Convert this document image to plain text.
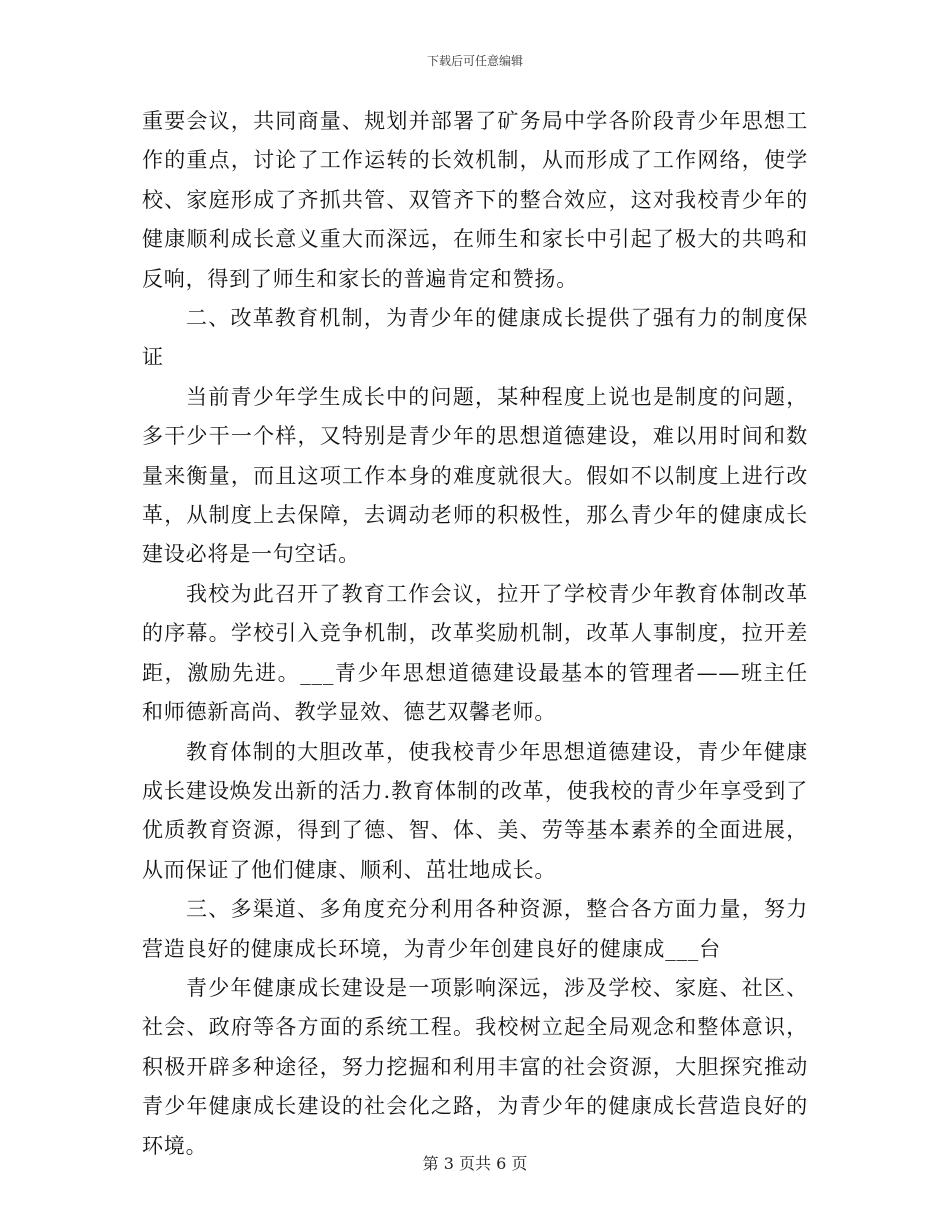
下载后可任意编辑

重要会议，共同商量、规划并部署了矿务局中学各阶段青少年思想工作的重点，讨论了工作运转的长效机制，从而形成了工作网络，使学校、家庭形成了齐抓共管、双管齐下的整合效应，这对我校青少年的健康顺利成长意义重大而深远，在师生和家长中引起了极大的共鸣和反响，得到了师生和家长的普遍肯定和赞扬。

二、改革教育机制，为青少年的健康成长提供了强有力的制度保证

当前青少年学生成长中的问题，某种程度上说也是制度的问题，多干少干一个样，又特别是青少年的思想道德建设，难以用时间和数量来衡量，而且这项工作本身的难度就很大。假如不以制度上进行改革，从制度上去保障，去调动老师的积极性，那么青少年的健康成长建设必将是一句空话。

我校为此召开了教育工作会议，拉开了学校青少年教育体制改革的序幕。学校引入竞争机制，改革奖励机制，改革人事制度，拉开差距，激励先进。___青少年思想道德建设最基本的管理者——班主任和师德新高尚、教学显效、德艺双馨老师。

教育体制的大胆改革，使我校青少年思想道德建设，青少年健康成长建设焕发出新的活力.教育体制的改革，使我校的青少年享受到了优质教育资源，得到了德、智、体、美、劳等基本素养的全面进展，从而保证了他们健康、顺利、茁壮地成长。

三、多渠道、多角度充分利用各种资源，整合各方面力量，努力营造良好的健康成长环境，为青少年创建良好的健康成___台

青少年健康成长建设是一项影响深远，涉及学校、家庭、社区、社会、政府等各方面的系统工程。我校树立起全局观念和整体意识，积极开辟多种途径，努力挖掘和利用丰富的社会资源，大胆探究推动青少年健康成长建设的社会化之路，为青少年的健康成长营造良好的环境。

第 3 页共 6 页
